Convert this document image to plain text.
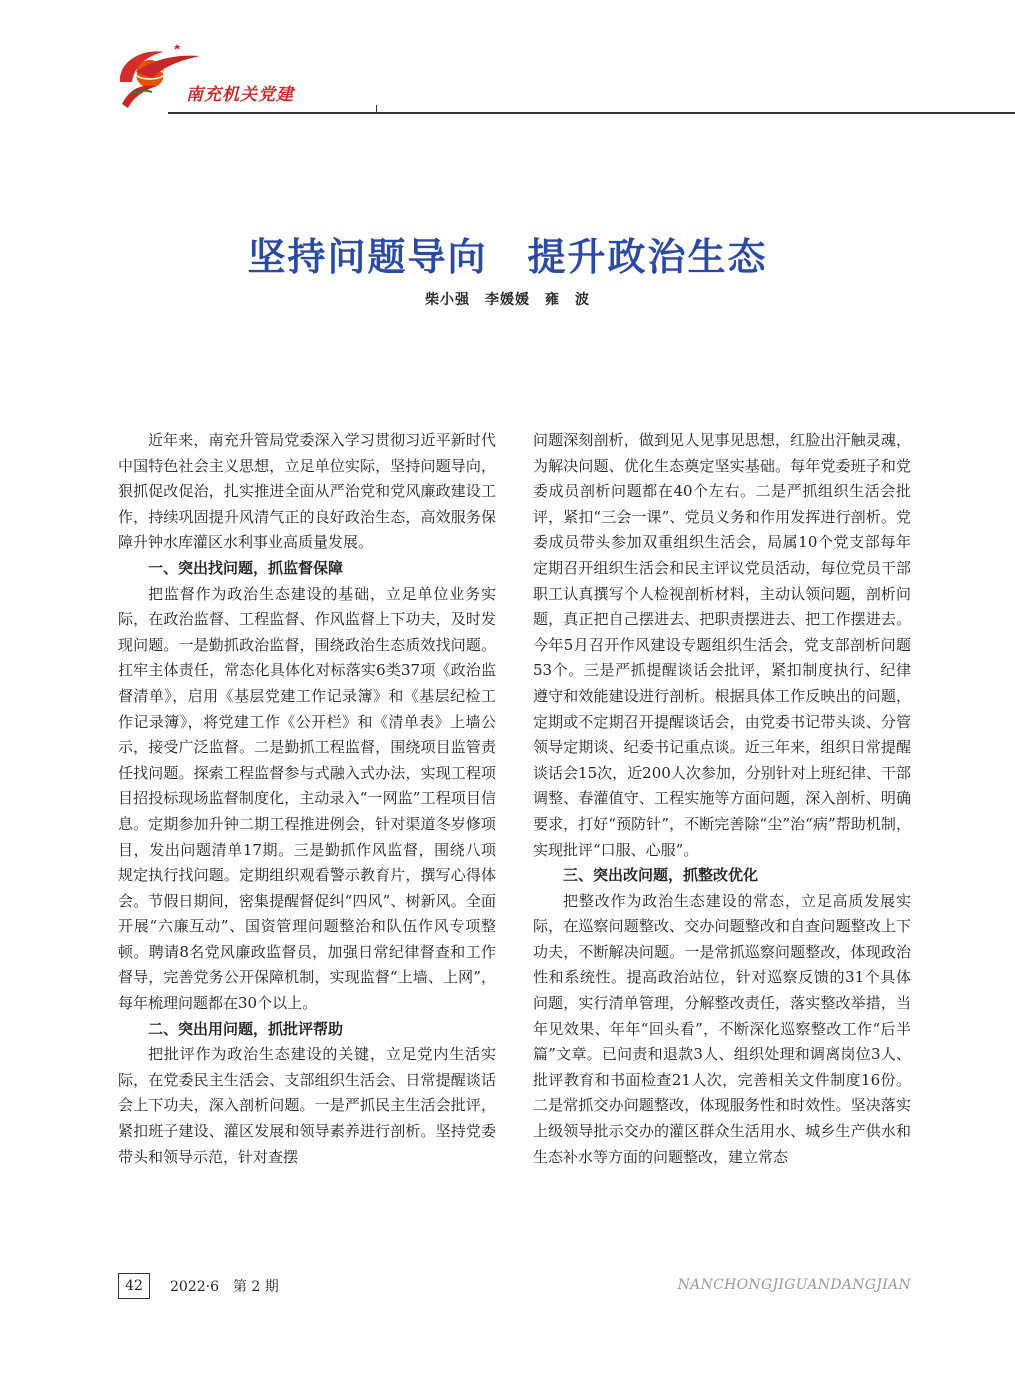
南充机关党建
坚持问题导向　提升政治生态
柴小强　李媛媛　雍　波

近年来，南充升管局党委深入学习贯彻习近平新时代中国特色社会主义思想，立足单位实际，坚持问题导向，狠抓促改促治，扎实推进全面从严治党和党风廉政建设工作，持续巩固提升风清气正的良好政治生态，高效服务保障升钟水库灌区水利事业高质量发展。

一、突出找问题，抓监督保障

把监督作为政治生态建设的基础，立足单位业务实际，在政治监督、工程监督、作风监督上下功夫，及时发现问题。一是勤抓政治监督，围绕政治生态质效找问题。扛牢主体责任，常态化具体化对标落实6类37项《政治监督清单》，启用《基层党建工作记录簿》和《基层纪检工作记录簿》，将党建工作《公开栏》和《清单表》上墙公示，接受广泛监督。二是勤抓工程监督，围绕项目监管责任找问题。探索工程监督参与式融入式办法，实现工程项目招投标现场监督制度化，主动录入“一网监”工程项目信息。定期参加升钟二期工程推进例会，针对渠道冬岁修项目，发出问题清单17期。三是勤抓作风监督，围绕八项规定执行找问题。定期组织观看警示教育片，撰写心得体会。节假日期间，密集提醒督促纠“四风”、树新风。全面开展“六廉互动”、国资管理问题整治和队伍作风专项整顿。聘请8名党风廉政监督员，加强日常纪律督查和工作督导，完善党务公开保障机制，实现监督“上墙、上网”，每年梳理问题都在30个以上。

二、突出用问题，抓批评帮助

把批评作为政治生态建设的关键，立足党内生活实际，在党委民主生活会、支部组织生活会、日常提醒谈话会上下功夫，深入剖析问题。一是严抓民主生活会批评，紧扣班子建设、灌区发展和领导素养进行剖析。坚持党委带头和领导示范，针对查摆

问题深刻剖析，做到见人见事见思想，红脸出汗触灵魂，为解决问题、优化生态奠定坚实基础。每年党委班子和党委成员剖析问题都在40个左右。二是严抓组织生活会批评，紧扣“三会一课”、党员义务和作用发挥进行剖析。党委成员带头参加双重组织生活会，局属10个党支部每年定期召开组织生活会和民主评议党员活动，每位党员干部职工认真撰写个人检视剖析材料，主动认领问题，剖析问题，真正把自己摆进去、把职责摆进去、把工作摆进去。今年5月召开作风建设专题组织生活会，党支部剖析问题53个。三是严抓提醒谈话会批评，紧扣制度执行、纪律遵守和效能建设进行剖析。根据具体工作反映出的问题，定期或不定期召开提醒谈话会，由党委书记带头谈、分管领导定期谈、纪委书记重点谈。近三年来，组织日常提醒谈话会15次，近200人次参加，分别针对上班纪律、干部调整、春灌值守、工程实施等方面问题，深入剖析、明确要求，打好“预防针”，不断完善除“尘”治“病”帮助机制，实现批评“口服、心服”。

三、突出改问题，抓整改优化

把整改作为政治生态建设的常态，立足高质发展实际，在巡察问题整改、交办问题整改和自查问题整改上下功夫，不断解决问题。一是常抓巡察问题整改，体现政治性和系统性。提高政治站位，针对巡察反馈的31个具体问题，实行清单管理，分解整改责任，落实整改举措，当年见效果、年年“回头看”，不断深化巡察整改工作“后半篇”文章。已问责和退款3人、组织处理和调离岗位3人、批评教育和书面检查21人次，完善相关文件制度16份。二是常抓交办问题整改，体现服务性和时效性。坚决落实上级领导批示交办的灌区群众生活用水、城乡生产供水和生态补水等方面的问题整改，建立常态

42	2022·6　第 2 期	NANCHONGJIGUANDANGJIAN
